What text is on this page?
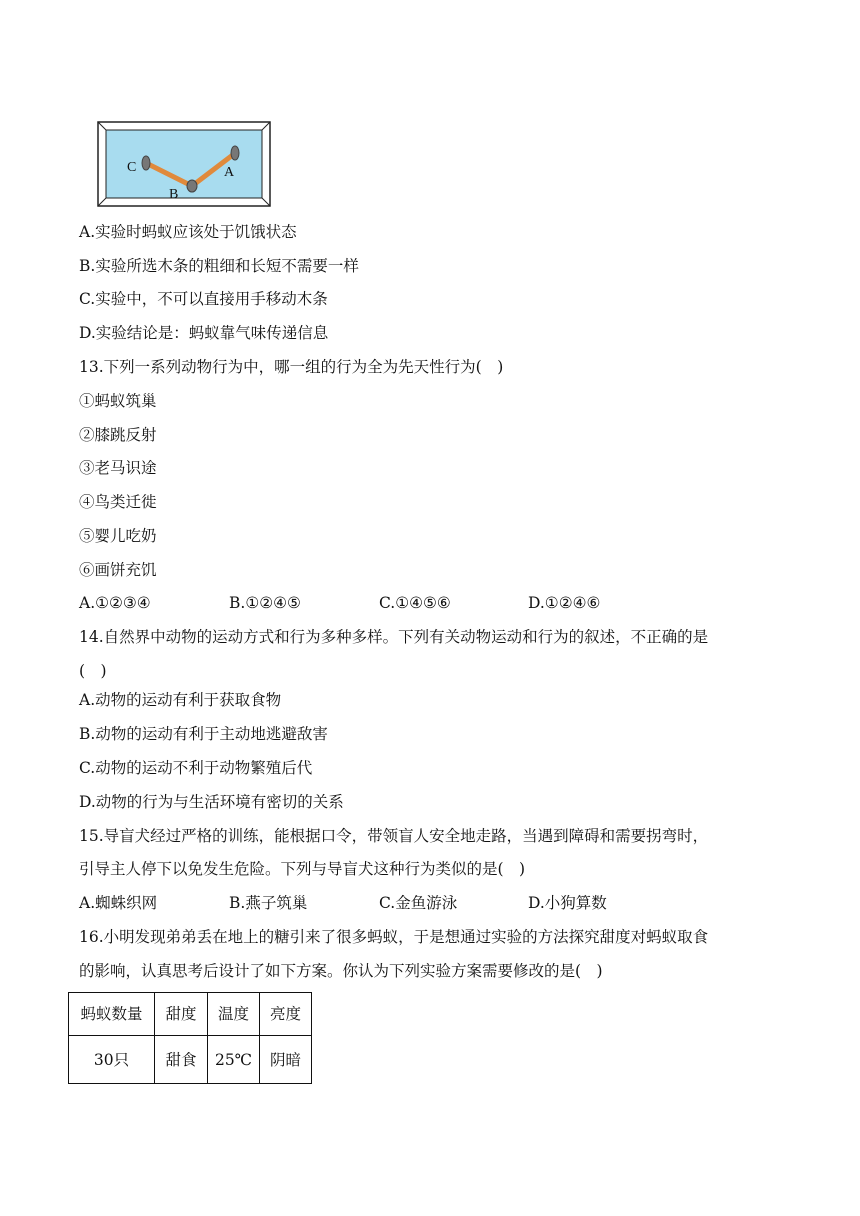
C
B
A
A.实验时蚂蚁应该处于饥饿状态
B.实验所选木条的粗细和长短不需要一样
C.实验中，不可以直接用手移动木条
D.实验结论是：蚂蚁靠气味传递信息
13.下列一系列动物行为中，哪一组的行为全为先天性行为(　)
①蚂蚁筑巢
②膝跳反射
③老马识途
④鸟类迁徙
⑤婴儿吃奶
⑥画饼充饥
A.①②③④	B.①②④⑤	C.①④⑤⑥	D.①②④⑥
14.自然界中动物的运动方式和行为多种多样。下列有关动物运动和行为的叙述，不正确的是
(　)
A.动物的运动有利于获取食物
B.动物的运动有利于主动地逃避敌害
C.动物的运动不利于动物繁殖后代
D.动物的行为与生活环境有密切的关系
15.导盲犬经过严格的训练，能根据口令，带领盲人安全地走路，当遇到障碍和需要拐弯时，
引导主人停下以免发生危险。下列与导盲犬这种行为类似的是(　)
A.蜘蛛织网	B.燕子筑巢	C.金鱼游泳	D.小狗算数
16.小明发现弟弟丢在地上的糖引来了很多蚂蚁，于是想通过实验的方法探究甜度对蚂蚁取食
的影响，认真思考后设计了如下方案。你认为下列实验方案需要修改的是(　)
蚂蚁数量	甜度	温度	亮度
30只	甜食	25℃	阴暗
